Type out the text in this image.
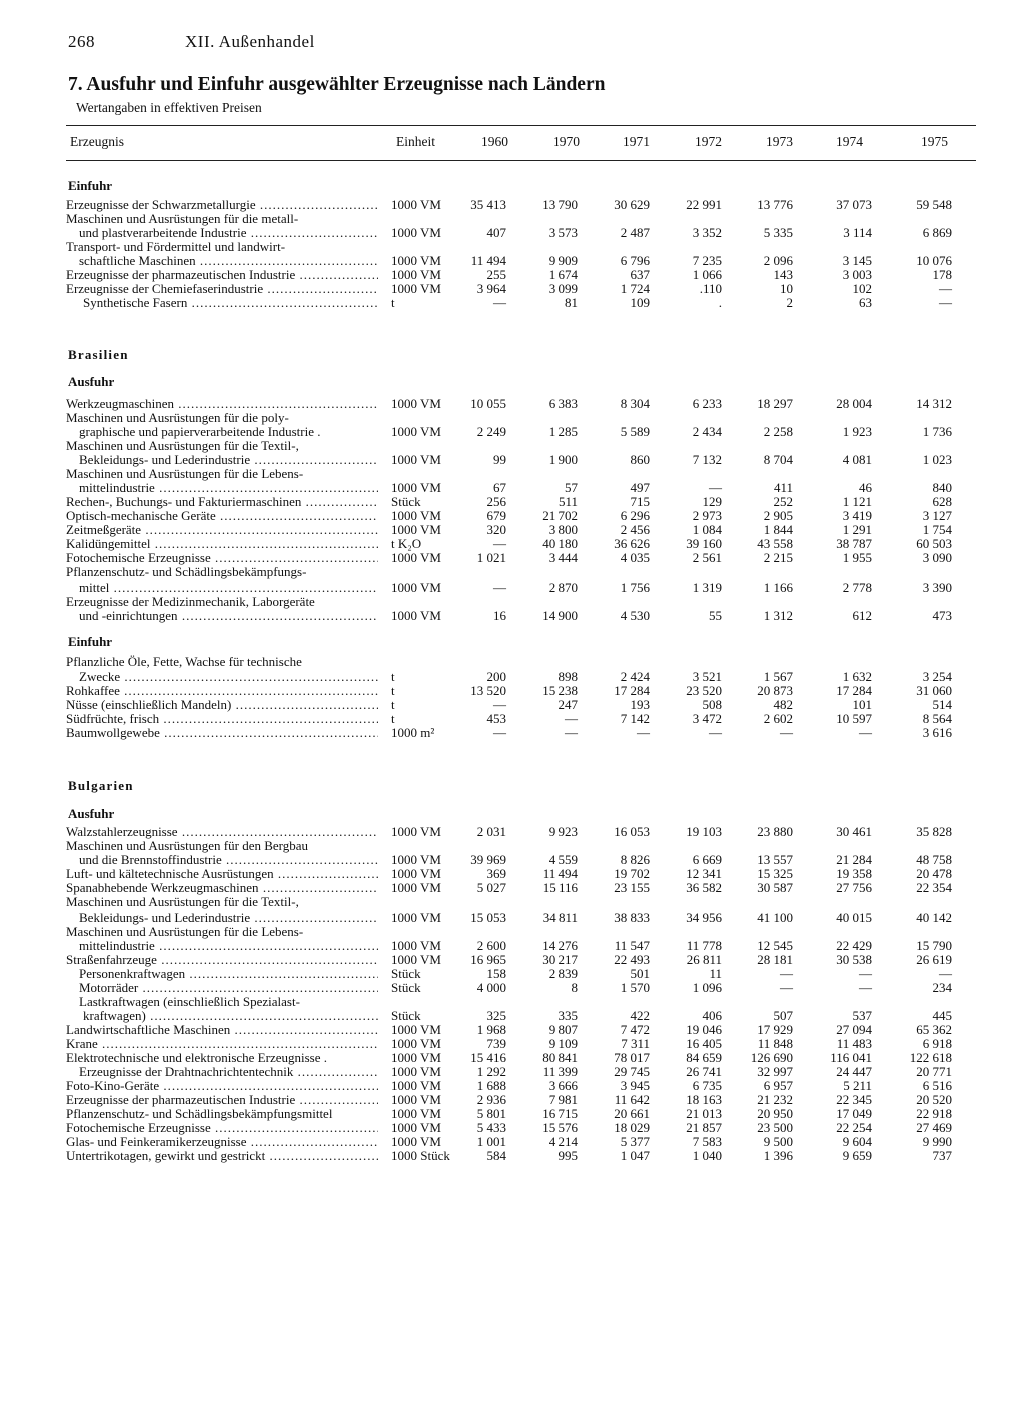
268	XII. Außenhandel
7. Ausfuhr und Einfuhr ausgewählter Erzeugnisse nach Ländern
Wertangaben in effektiven Preisen
Erzeugnis	Einheit	1960	1970	1971	1972	1973	1974	1975
Einfuhr
Erzeugnisse der Schwarzmetallurgie .....	1000 VM	35 413	13 790	30 629	22 991	13 776	37 073	59 548
Maschinen und Ausrüstungen für die metall-
und plastverarbeitende Industrie .....	1000 VM	407	3 573	2 487	3 352	5 335	3 114	6 869
Transport- und Fördermittel und landwirt-
schaftliche Maschinen .....	1000 VM	11 494	9 909	6 796	7 235	2 096	3 145	10 076
Erzeugnisse der pharmazeutischen Industrie .....	1000 VM	255	1 674	637	1 066	143	3 003	178
Erzeugnisse der Chemiefaserindustrie .....	1000 VM	3 964	3 099	1 724	.110	10	102	—
Synthetische Fasern .....	t	—	81	109	.	2	63	—
Brasilien
Ausfuhr
Werkzeugmaschinen .....	1000 VM	10 055	6 383	8 304	6 233	18 297	28 004	14 312
Maschinen und Ausrüstungen für die poly-
graphische und papierverarbeitende Industrie .	1000 VM	2 249	1 285	5 589	2 434	2 258	1 923	1 736
Maschinen und Ausrüstungen für die Textil-,
Bekleidungs- und Lederindustrie .....	1000 VM	99	1 900	860	7 132	8 704	4 081	1 023
Maschinen und Ausrüstungen für die Lebens-
mittelindustrie .....	1000 VM	67	57	497	—	411	46	840
Rechen-, Buchungs- und Fakturiermaschinen .....	Stück	256	511	715	129	252	1 121	628
Optisch-mechanische Geräte .....	1000 VM	679	21 702	6 296	2 973	2 905	3 419	3 127
Zeitmeßgeräte .....	1000 VM	320	3 800	2 456	1 084	1 844	1 291	1 754
Kalidüngemittel .....	t K₂O	—	40 180	36 626	39 160	43 558	38 787	60 503
Fotochemische Erzeugnisse .....	1000 VM	1 021	3 444	4 035	2 561	2 215	1 955	3 090
Pflanzenschutz- und Schädlingsbekämpfungs-
mittel .....	1000 VM	—	2 870	1 756	1 319	1 166	2 778	3 390
Erzeugnisse der Medizinmechanik, Laborgeräte
und -einrichtungen .....	1000 VM	16	14 900	4 530	55	1 312	612	473
Einfuhr
Pflanzliche Öle, Fette, Wachse für technische
Zwecke .....	t	200	898	2 424	3 521	1 567	1 632	3 254
Rohkaffee .....	t	13 520	15 238	17 284	23 520	20 873	17 284	31 060
Nüsse (einschließlich Mandeln) .....	t	—	247	193	508	482	101	514
Südfrüchte, frisch .....	t	453	—	7 142	3 472	2 602	10 597	8 564
Baumwollgewebe .....	1000 m²	—	—	—	—	—	—	3 616
Bulgarien
Ausfuhr
Walzstahlerzeugnisse .....	1000 VM	2 031	9 923	16 053	19 103	23 880	30 461	35 828
Maschinen und Ausrüstungen für den Bergbau
und die Brennstoffindustrie .....	1000 VM	39 969	4 559	8 826	6 669	13 557	21 284	48 758
Luft- und kältetechnische Ausrüstungen .....	1000 VM	369	11 494	19 702	12 341	15 325	19 358	20 478
Spanabhebende Werkzeugmaschinen .....	1000 VM	5 027	15 116	23 155	36 582	30 587	27 756	22 354
Maschinen und Ausrüstungen für die Textil-,
Bekleidungs- und Lederindustrie .....	1000 VM	15 053	34 811	38 833	34 956	41 100	40 015	40 142
Maschinen und Ausrüstungen für die Lebens-
mittelindustrie .....	1000 VM	2 600	14 276	11 547	11 778	12 545	22 429	15 790
Straßenfahrzeuge .....	1000 VM	16 965	30 217	22 493	26 811	28 181	30 538	26 619
Personenkraftwagen .....	Stück	158	2 839	501	11	—	—	—
Motorräder .....	Stück	4 000	8	1 570	1 096	—	—	234
Lastkraftwagen (einschließlich Spezialast-
kraftwagen) .....	Stück	325	335	422	406	507	537	445
Landwirtschaftliche Maschinen .....	1000 VM	1 968	9 807	7 472	19 046	17 929	27 094	65 362
Krane .....	1000 VM	739	9 109	7 311	16 405	11 848	11 483	6 918
Elektrotechnische und elektronische Erzeugnisse .	1000 VM	15 416	80 841	78 017	84 659	126 690	116 041	122 618
Erzeugnisse der Drahtnachrichtentechnik .....	1000 VM	1 292	11 399	29 745	26 741	32 997	24 447	20 771
Foto-Kino-Geräte .....	1000 VM	1 688	3 666	3 945	6 735	6 957	5 211	6 516
Erzeugnisse der pharmazeutischen Industrie .....	1000 VM	2 936	7 981	11 642	18 163	21 232	22 345	20 520
Pflanzenschutz- und Schädlingsbekämpfungsmittel	1000 VM	5 801	16 715	20 661	21 013	20 950	17 049	22 918
Fotochemische Erzeugnisse .....	1000 VM	5 433	15 576	18 029	21 857	23 500	22 254	27 469
Glas- und Feinkeramikerzeugnisse .....	1000 VM	1 001	4 214	5 377	7 583	9 500	9 604	9 990
Untertrikotagen, gewirkt und gestrickt .....	1000 Stück	584	995	1 047	1 040	1 396	9 659	737
